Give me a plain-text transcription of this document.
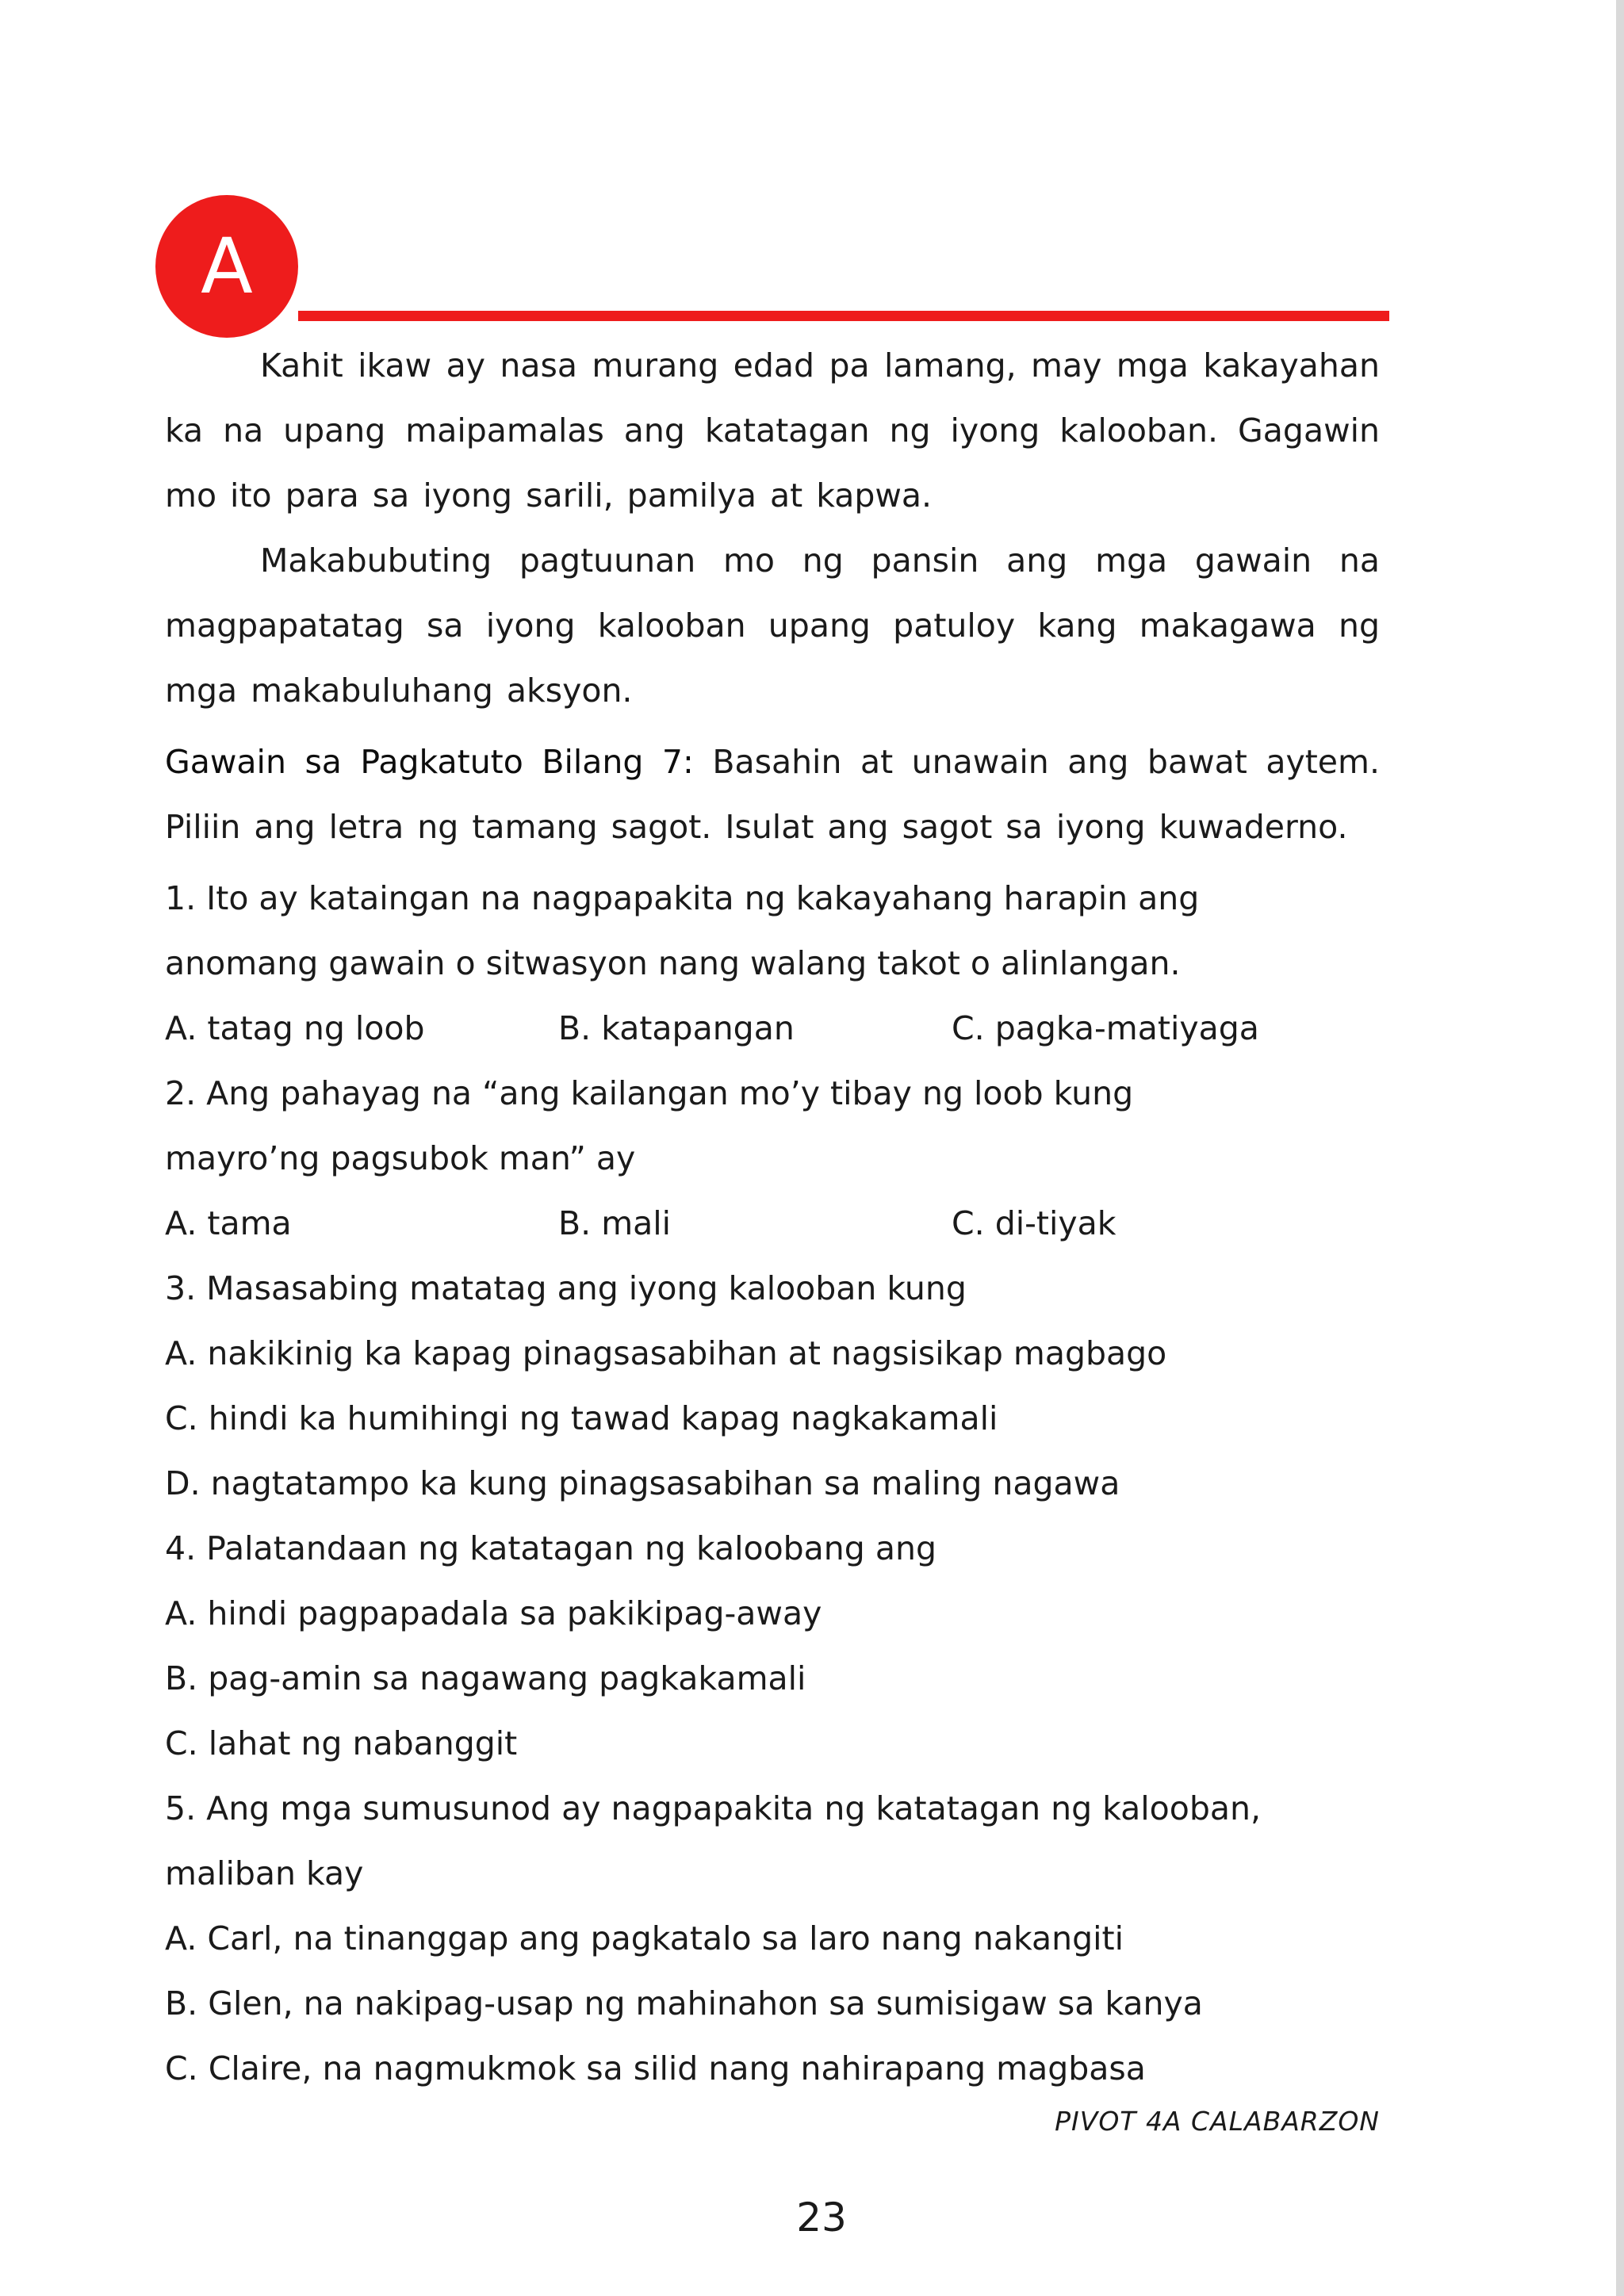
A

Kahit ikaw ay nasa murang edad pa lamang, may mga kakayahan ka na upang maipamalas ang katatagan ng iyong kalooban. Gagawin mo ito para sa iyong sarili, pamilya at kapwa.

Makabubuting pagtuunan mo ng pansin ang mga gawain na magpapatatag sa iyong kalooban upang patuloy kang makagawa ng mga makabuluhang aksyon.

Gawain sa Pagkatuto Bilang 7: Basahin at unawain ang bawat aytem. Piliin ang letra ng tamang sagot. Isulat ang sagot sa iyong kuwaderno.

1. Ito ay kataingan na nagpapakita ng kakayahang harapin ang

anomang gawain o sitwasyon nang walang takot o alinlangan.

A. tatag ng loob	B. katapangan	C. pagka-matiyaga

2. Ang pahayag na “ang kailangan mo’y tibay ng loob kung

mayro’ng pagsubok man” ay

A. tama	B. mali	C. di-tiyak

3. Masasabing matatag ang iyong kalooban kung

A. nakikinig ka kapag pinagsasabihan at nagsisikap magbago

C. hindi ka humihingi ng tawad kapag nagkakamali

D. nagtatampo ka kung pinagsasabihan sa maling nagawa

4. Palatandaan ng katatagan ng kaloobang ang

A. hindi pagpapadala sa pakikipag-away

B. pag-amin sa nagawang pagkakamali

C. lahat ng nabanggit

5. Ang mga sumusunod ay nagpapakita ng katatagan ng kalooban,

maliban kay

A. Carl, na tinanggap ang pagkatalo sa laro nang nakangiti

B. Glen, na nakipag-usap ng mahinahon sa sumisigaw sa kanya

C. Claire, na nagmukmok sa silid nang nahirapang magbasa

PIVOT 4A CALABARZON
23
